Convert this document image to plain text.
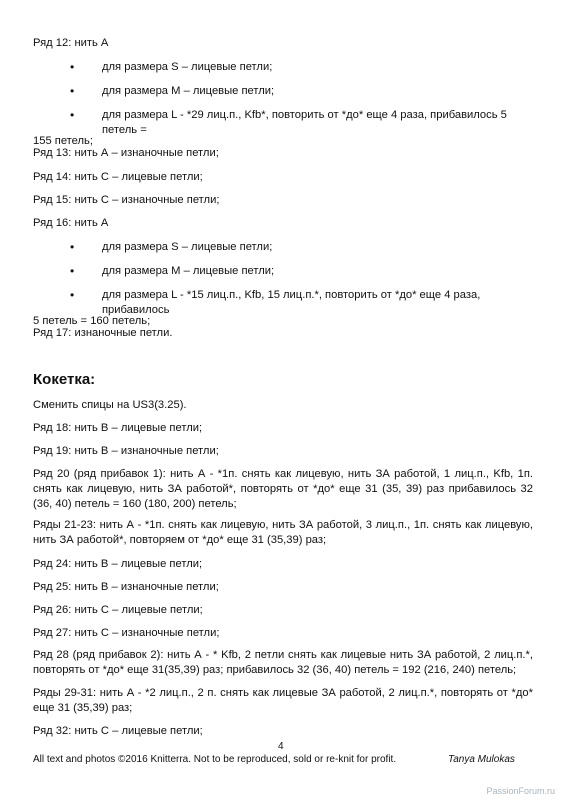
Ряд 12: нить А

• для размера S – лицевые петли;

• для размера M – лицевые петли;

• для размера L - *29 лиц.п., Kfb*, повторить от *до* еще 4 раза, прибавилось 5 петель =

155 петель;

Ряд 13: нить А – изнаночные петли;

Ряд 14: нить С – лицевые петли;

Ряд 15: нить С – изнаночные петли;

Ряд 16: нить А

• для размера S – лицевые петли;

• для размера M – лицевые петли;

• для размера L - *15 лиц.п., Kfb, 15 лиц.п.*, повторить от *до* еще 4 раза, прибавилось

5 петель = 160 петель;

Ряд 17: изнаночные петли.

Кокетка:

Сменить спицы на US3(3.25).

Ряд 18: нить В – лицевые петли;

Ряд 19: нить В – изнаночные петли;

Ряд 20 (ряд прибавок 1): нить А - *1п. снять как лицевую, нить ЗА работой, 1 лиц.п., Kfb, 1п. снять как лицевую, нить ЗА работой*, повторять от *до* еще 31 (35, 39) раз прибавилось 32 (36, 40) петель = 160 (180, 200) петель;

Ряды 21-23: нить А - *1п. снять как лицевую, нить ЗА работой, 3 лиц.п., 1п. снять как лицевую, нить ЗА работой*, повторяем от *до* еще 31 (35,39) раз;

Ряд 24: нить В – лицевые петли;

Ряд 25: нить В – изнаночные петли;

Ряд 26: нить С – лицевые петли;

Ряд 27: нить С – изнаночные петли;

Ряд 28 (ряд прибавок 2): нить А - * Kfb, 2 петли снять как лицевые нить ЗА работой, 2 лиц.п.*, повторять от *до* еще 31(35,39) раз; прибавилось 32 (36, 40) петель = 192 (216, 240) петель;

Ряды 29-31: нить А - *2 лиц.п., 2 п. снять как лицевые ЗА работой, 2 лиц.п.*, повторять от *до* еще 31 (35,39) раз;

Ряд 32: нить С – лицевые петли;

4
All text and photos ©2016 Knitterra. Not to be reproduced, sold or re-knit for profit.	Tanya Mulokas
PassionForum.ru
